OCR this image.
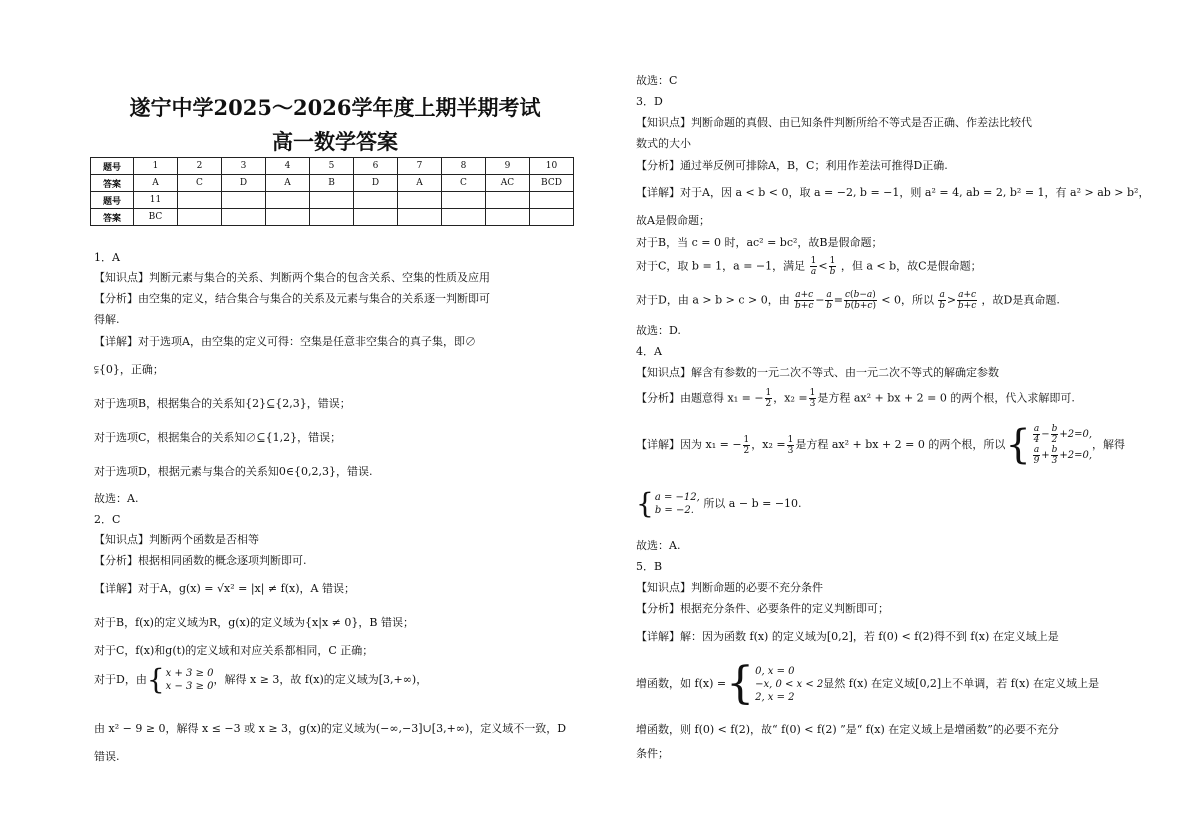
遂宁中学2025～2026学年度上期半期考试
高一数学答案
题号	1	2	3	4	5	6	7	8	9	10
答案	A	C	D	A	B	D	A	C	AC	BCD
题号	11									
答案	BC									
1．A
【知识点】判断元素与集合的关系、判断两个集合的包含关系、空集的性质及应用
【分析】由空集的定义，结合集合与集合的关系及元素与集合的关系逐一判断即可
得解.
【详解】对于选项A，由空集的定义可得：空集是任意非空集合的真子集，即∅
⫋{0}，正确；
对于选项B，根据集合的关系知{2}⊆{2,3}，错误；
对于选项C，根据集合的关系知∅⊆{1,2}，错误；
对于选项D，根据元素与集合的关系知0∈{0,2,3}，错误.
故选：A.
2．C
【知识点】判断两个函数是否相等
【分析】根据相同函数的概念逐项判断即可.
【详解】对于A，g(x) = √x² = |x| ≠ f(x)，A 错误；
对于B，f(x)的定义域为R，g(x)的定义域为{x|x ≠ 0}，B 错误；
对于C，f(x)和g(t)的定义域和对应关系都相同，C 正确；
对于D，由{x + 3 ≥ 0
x − 3 ≥ 0，解得 x ≥ 3，故 f(x)的定义域为[3,+∞)，
由 x² − 9 ≥ 0，解得 x ≤ −3 或 x ≥ 3，g(x)的定义域为(−∞,−3]∪[3,+∞)，定义域不一致，D
错误.
故选：C
3．D
【知识点】判断命题的真假、由已知条件判断所给不等式是否正确、作差法比较代
数式的大小
【分析】通过举反例可排除A，B，C；利用作差法可推得D正确.
【详解】对于A，因 a < b < 0，取 a = −2, b = −1，则 a² = 4, ab = 2, b² = 1，有 a² > ab > b²，
故A是假命题；
对于B，当 c = 0 时，ac² = bc²，故B是假命题；
对于C，取 b = 1，a = −1，满足 $\frac{1}{a} < \frac{1}{b}$ ，但 a < b，故C是假命题；
对于D，由 a > b > c > 0，由 $\frac{a+c}{b+c} - \frac{a}{b} = \frac{c(b-a)}{b(b+c)} < 0$，所以 $\frac{a}{b} > \frac{a+c}{b+c}$ ，故D是真命题.
故选：D.
4．A
【知识点】解含有参数的一元二次不等式、由一元二次不等式的解确定参数
【分析】由题意得 x₁ = − $\frac{1}{2}$ ，$x_2 = \frac{1}{3}$ 是方程 ax² + bx + 2 = 0 的两个根，代入求解即可.
【详解】因为 x₁ = − $\frac{1}{2}$ ，$x_2 = \frac{1}{3}$ 是方程 ax² + bx + 2 = 0 的两个根，所以{ $\frac{a}{4} - \frac{b}{2} +2=0$,

$\frac{a}{9} + \frac{b}{3} +2=0$,，解得
{a = −12,
b = −2. 所以 a − b = −10.
故选：A.
5．B
【知识点】判断命题的必要不充分条件
【分析】根据充分条件、必要条件的定义判断即可；
【详解】解：因为函数 f(x) 的定义域为[0,2]，若 f(0) < f(2)得不到 f(x) 在定义域上是
增函数，如 f(x) ={0, x = 0
−x, 0 < x < 2
2, x = 2显然 f(x) 在定义域[0,2]上不单调，若 f(x) 在定义域上是
增函数，则 f(0) < f(2)，故“ f(0) < f(2) ”是“ f(x) 在定义域上是增函数”的必要不充分
条件；
